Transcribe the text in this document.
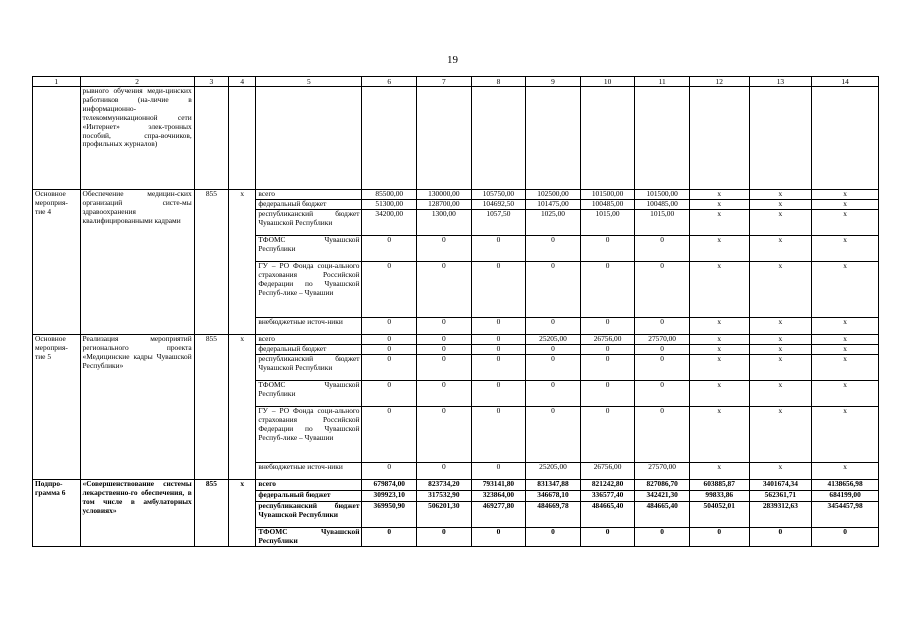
19
1	2	3	4	5	6	7	8	9	10	11	12	13	14
	рывного обучения меди-цинских работников (на-личие в информационно-телекоммуникационной сети «Интернет» элек-тронных пособий, спра-вочников, профильных журналов)												
Основное мероприя-тие 4	Обеспечение медицин-ских организаций систе-мы здравоохранения квалифицированными кадрами	855	х	всего	85500,00	130000,00	105750,00	102500,00	101500,00	101500,00	х	х	х
				федеральный бюджет	51300,00	128700,00	104692,50	101475,00	100485,00	100485,00	х	х	х
				республиканский бюджет Чувашской Республики	34200,00	1300,00	1057,50	1025,00	1015,00	1015,00	х	х	х
				ТФОМС Чувашской Республики	0	0	0	0	0	0	х	х	х
				ГУ – РО Фонда соци-ального страхования Российской Федерации по Чувашской Респуб-лике – Чувашии	0	0	0	0	0	0	х	х	х
				внебюджетные источ-ники	0	0	0	0	0	0	х	х	х
Основное мероприя-тие 5	Реализация мероприятий регионального проекта «Медицинские кадры Чувашской Республики»	855	х	всего	0	0	0	25205,00	26756,00	27570,00	х	х	х
				федеральный бюджет	0	0	0	0	0	0	х	х	х
				республиканский бюджет Чувашской Республики	0	0	0	0	0	0	х	х	х
				ТФОМС Чувашской Республики	0	0	0	0	0	0	х	х	х
				ГУ – РО Фонда соци-ального страхования Российской Федерации по Чувашской Респуб-лике – Чувашии	0	0	0	0	0	0	х	х	х
				внебюджетные источ-ники	0	0	0	25205,00	26756,00	27570,00	х	х	х
Подпро-грамма 6	«Совершенствование системы лекарственно-го обеспечения, в том числе в амбулаторных условиях»	855	х	всего	679874,00	823734,20	793141,80	831347,88	821242,80	827086,70	603885,87	3401674,34	4138656,98
				федеральный бюджет	309923,10	317532,90	323864,00	346678,10	336577,40	342421,30	99833,86	562361,71	684199,00
				республиканский бюджет Чувашской Республики	369950,90	506201,30	469277,80	484669,78	484665,40	484665,40	504052,01	2839312,63	3454457,98
				ТФОМС Чувашской Республики	0	0	0	0	0	0	0	0	0
